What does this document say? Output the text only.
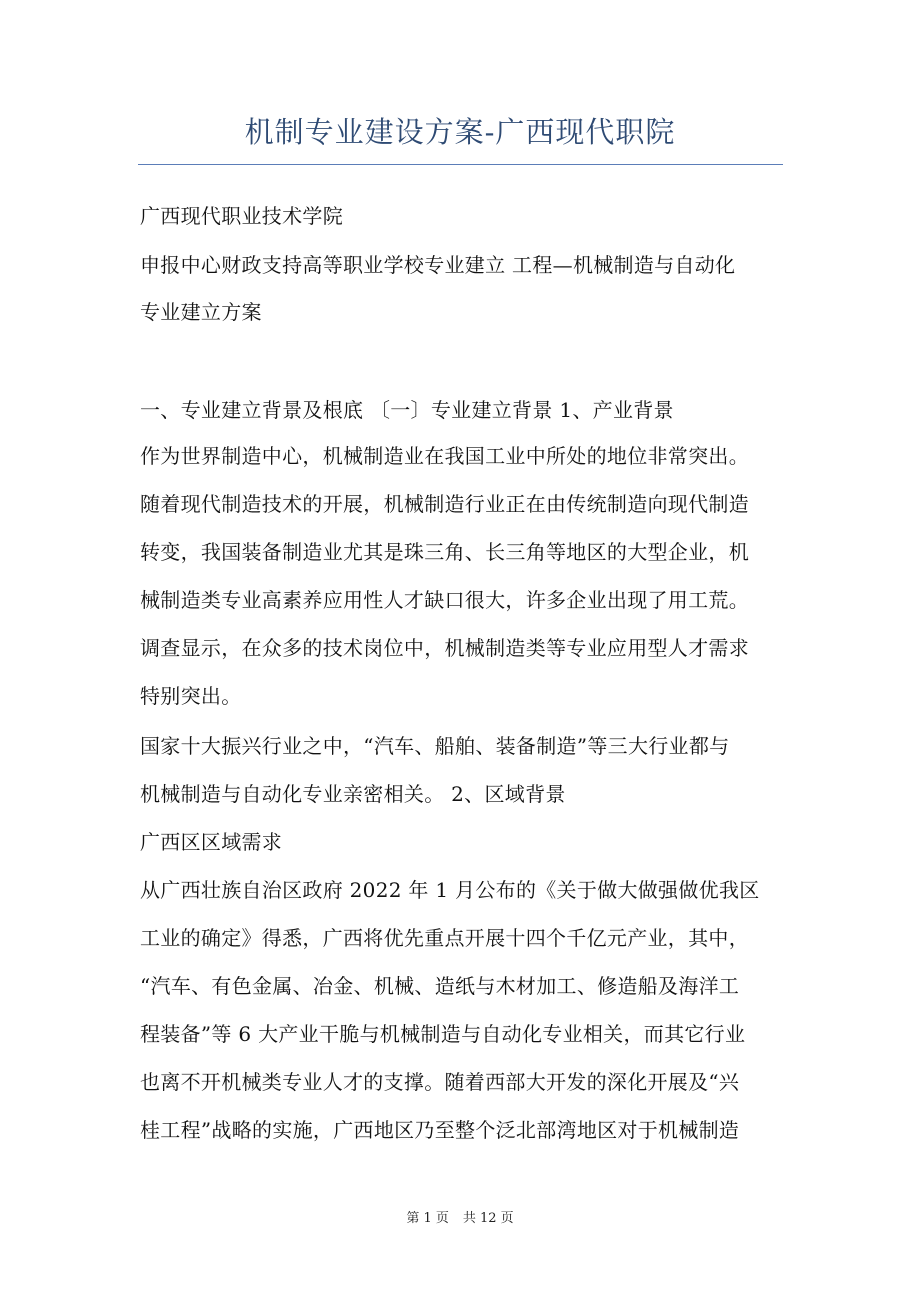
机制专业建设方案-广西现代职院
广西现代职业技术学院
申报中心财政支持高等职业学校专业建立 工程—机械制造与自动化
专业建立方案
一、专业建立背景及根底 〔一〕专业建立背景 1、产业背景
作为世界制造中心，机械制造业在我国工业中所处的地位非常突出。
随着现代制造技术的开展，机械制造行业正在由传统制造向现代制造
转变，我国装备制造业尤其是珠三角、长三角等地区的大型企业，机
械制造类专业高素养应用性人才缺口很大，许多企业出现了用工荒。
调查显示，在众多的技术岗位中，机械制造类等专业应用型人才需求
特别突出。
国家十大振兴行业之中，“汽车、船舶、装备制造”等三大行业都与
机械制造与自动化专业亲密相关。 2、区域背景
广西区区域需求
从广西壮族自治区政府 2022 年 1 月公布的《关于做大做强做优我区
工业的确定》得悉，广西将优先重点开展十四个千亿元产业，其中，
“汽车、有色金属、冶金、机械、造纸与木材加工、修造船及海洋工
程装备”等 6 大产业干脆与机械制造与自动化专业相关，而其它行业
也离不开机械类专业人才的支撑。随着西部大开发的深化开展及“兴
桂工程”战略的实施，广西地区乃至整个泛北部湾地区对于机械制造
第 1 页 共 12 页
